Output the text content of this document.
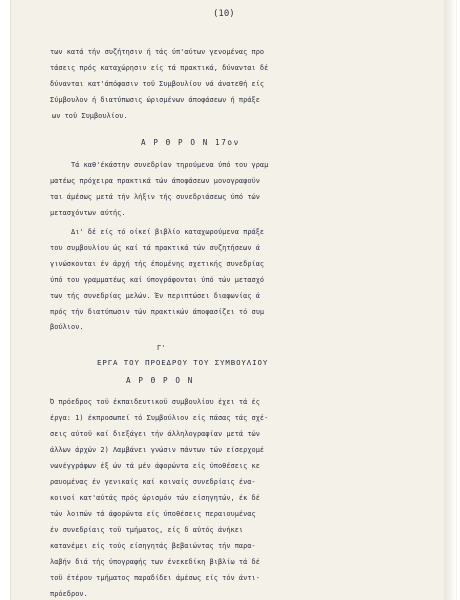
(10)
των κατά τήν συζήτησιν ή τάς ύπ'αύτων γενομένας προ
τάσεις πρός καταχώρησιν είς τά πρακτικά, δύνανται δέ
δύνανται κατ'άπόφασιν τοϋ Συμβουλίου νά άνατεθή είς
Σύμβουλον ή διατύπωσις ώρισμένων άποφάσεων ή πράξε
ων τοϋ Συμβουλίου.
Α Ρ Θ Ρ Ο Ν 17ον
Τά καθ'έκάστην συνεδρίαν τηρούμενα ύπό του γραμ
ματέως πρόχειρα πρακτικά τών άποφάσεων μονογραφοϋν
ται άμέσως μετά τήν λήξιν τής συνεδριάσεως ύπό τών
μετασχόντων αύτής.
Δι' δέ είς τό οίκεί βιβλίο καταχωρούμενα πράξε
του συμβουλίου ώς καί τά πρακτικά τών συζητήσεων ά
γινώσκονται έν άρχή τής έπομένης σχετικής συνεδρίας
ύπό του γραμματέως καί ύπογράφονται ύπό τών μετασχό
των τής συνεδρίας μελών. Έν περιπτώσει διαφωνίας ά
πρός τήν διατύπωσιν τών πρακτικών άποφασίζει τό συμ
βούλιον.
Γ'
ΕΡΓΑ ΤΟΥ ΠΡΟΕΔΡΟΥ ΤΟΥ ΣΥΜΒΟΥΛΙΟΥ
Α Ρ Θ Ρ Ο Ν
Ό πρόεδρος τοϋ έκπαιδευτικοϋ συμβουλίου έχει τά ές
έργα: 1) έκπροσωπεί τό Συμβούλιον είς πάσας τάς σχέ-
σεις αύτοϋ καί διεξάγει τήν άλληλογραφίαν μετά τών
άλλων άρχών 2) Λαμβάνει γνώσιν πάντων τών είσερχομέ
νωνέγγράφων έξ ών τά μέν άφορώντα είς ύποθέσεις κε
ραυομένας έν γενικαίς καί κοιναίς συνεδρίαις ένα-
κοινοί κατ'αύτάς πρός ώρισμόν τών είσηγητών, έκ δέ
τών λοιπών τά άφορώντα είς ύποθέσεις περαιουμένας
έν συνεδρίαις τοϋ τμήματος, είς δ αύτός άνήκει
κατανέμει είς τούς είσηγητάς βεβαιώντας τήν παρα-
λαβήν διά τής ύπογραφής των ένεκεδίκη βιβλίω τά δέ
τοϋ έτέρου τμήματος παραδίδει άμέσως είς τόν άντι-
πρόεδρον.
